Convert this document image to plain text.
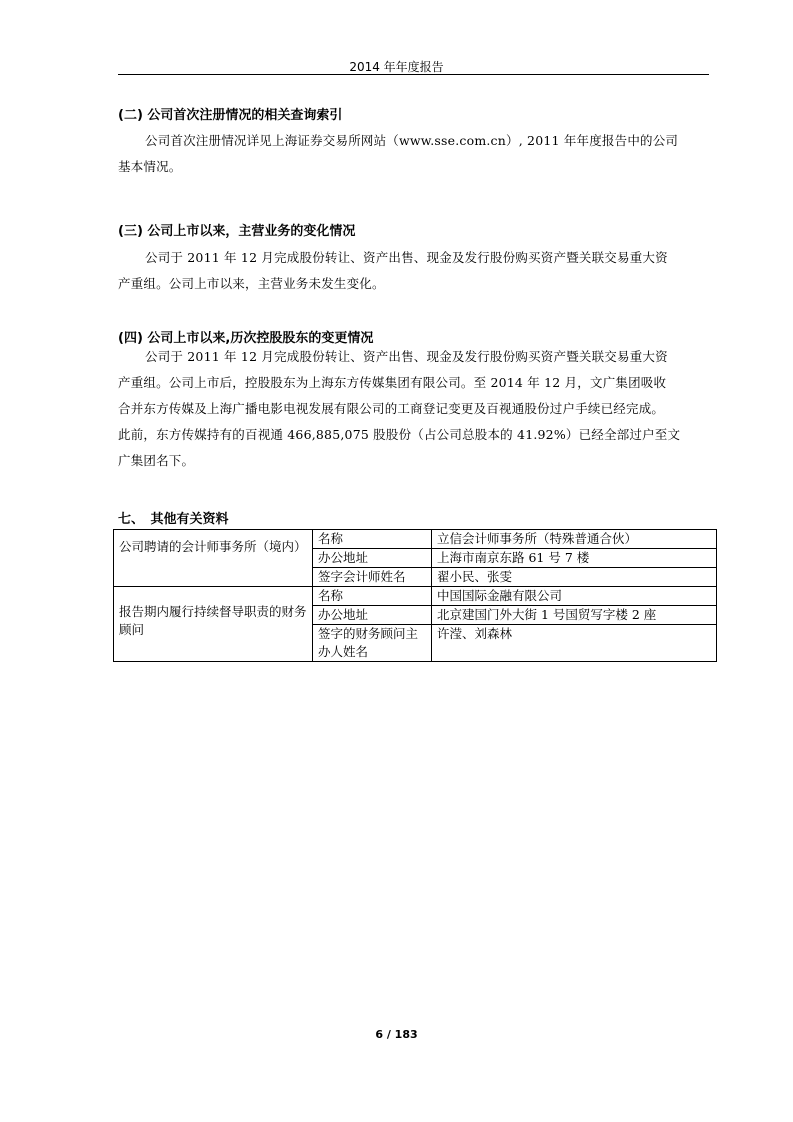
2014 年年度报告
(二) 公司首次注册情况的相关查询索引
公司首次注册情况详见上海证券交易所网站（www.sse.com.cn）, 2011 年年度报告中的公司
基本情况。
(三) 公司上市以来，主营业务的变化情况
公司于 2011 年 12 月完成股份转让、资产出售、现金及发行股份购买资产暨关联交易重大资
产重组。公司上市以来，主营业务未发生变化。
(四) 公司上市以来,历次控股股东的变更情况
公司于 2011 年 12 月完成股份转让、资产出售、现金及发行股份购买资产暨关联交易重大资
产重组。公司上市后，控股股东为上海东方传媒集团有限公司。至 2014 年 12 月，文广集团吸收
合并东方传媒及上海广播电影电视发展有限公司的工商登记变更及百视通股份过户手续已经完成。
此前，东方传媒持有的百视通 466,885,075 股股份（占公司总股本的 41.92%）已经全部过户至文
广集团名下。
七、　其他有关资料
公司聘请的会计师事务所（境内）	名称	立信会计师事务所（特殊普通合伙）
	办公地址	上海市南京东路 61 号 7 楼
	签字会计师姓名	翟小民、张雯
报告期内履行持续督导职责的财务顾问	名称	中国国际金融有限公司
	办公地址	北京建国门外大街 1 号国贸写字楼 2 座
	签字的财务顾问主办人姓名	许滢、刘森林
6 / 183
